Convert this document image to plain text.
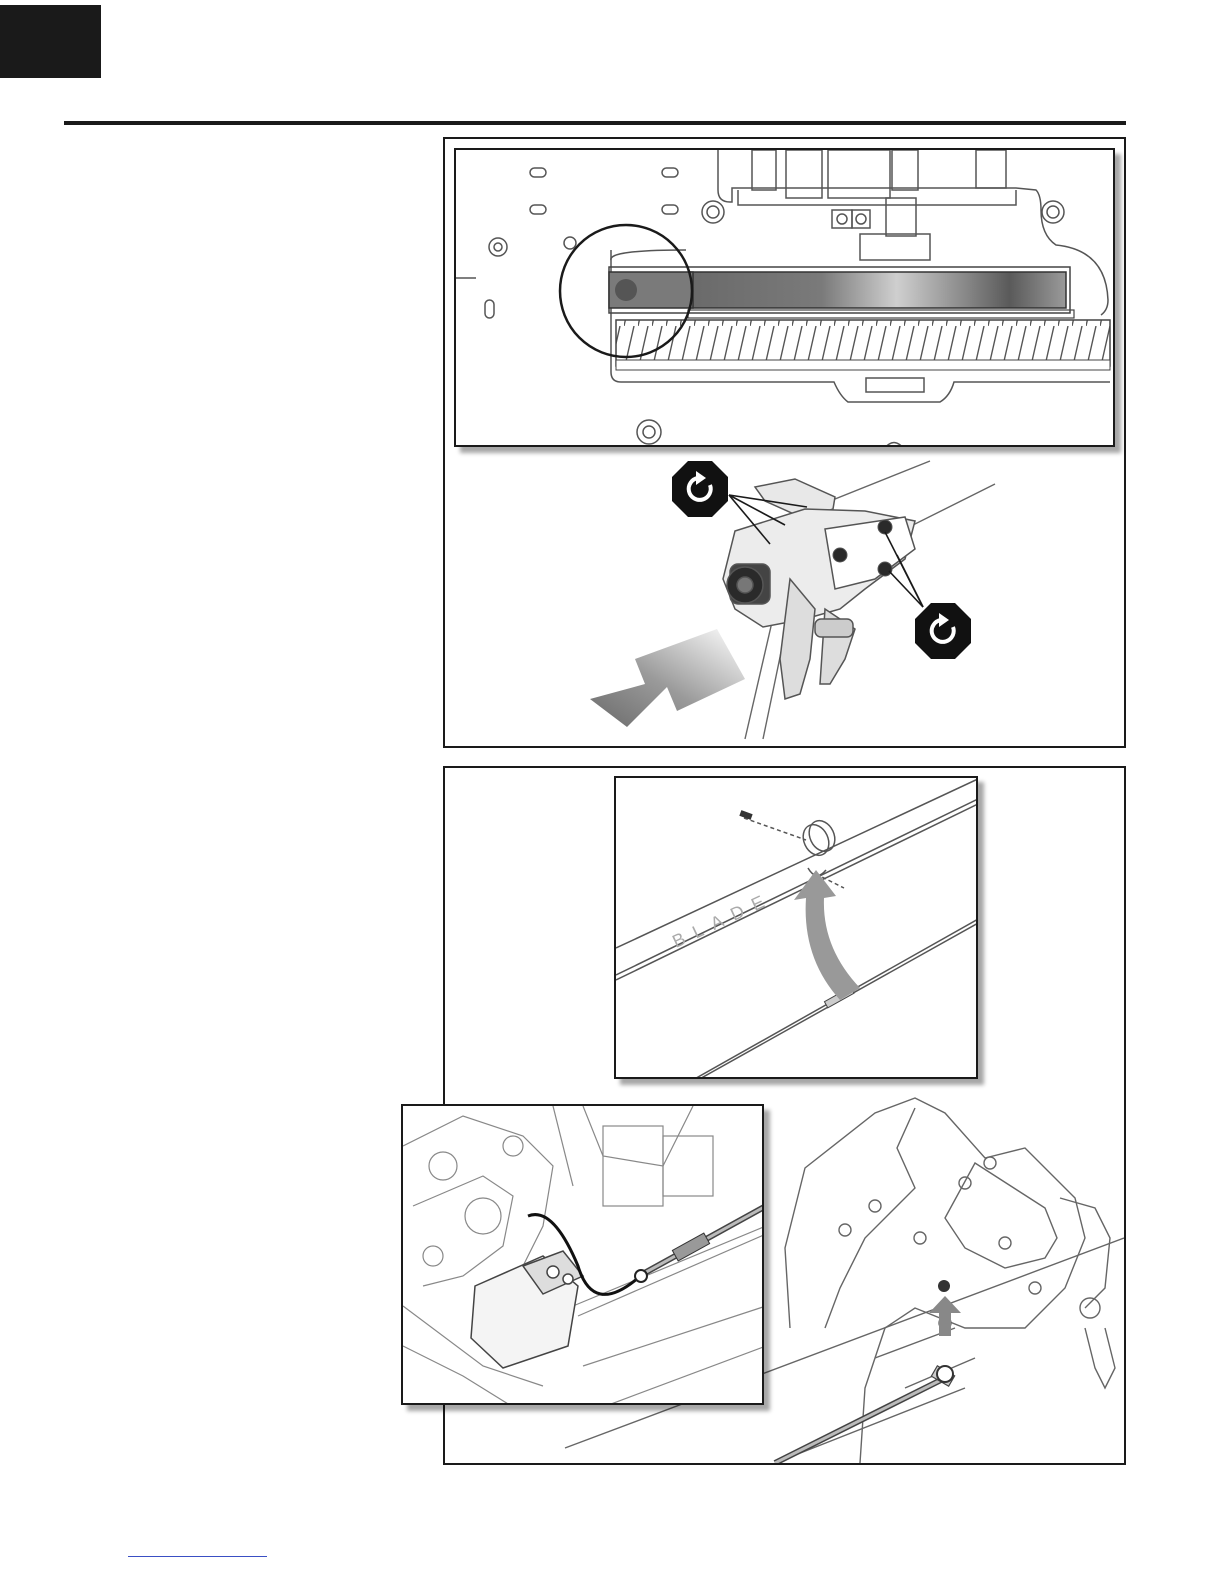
BLADE
